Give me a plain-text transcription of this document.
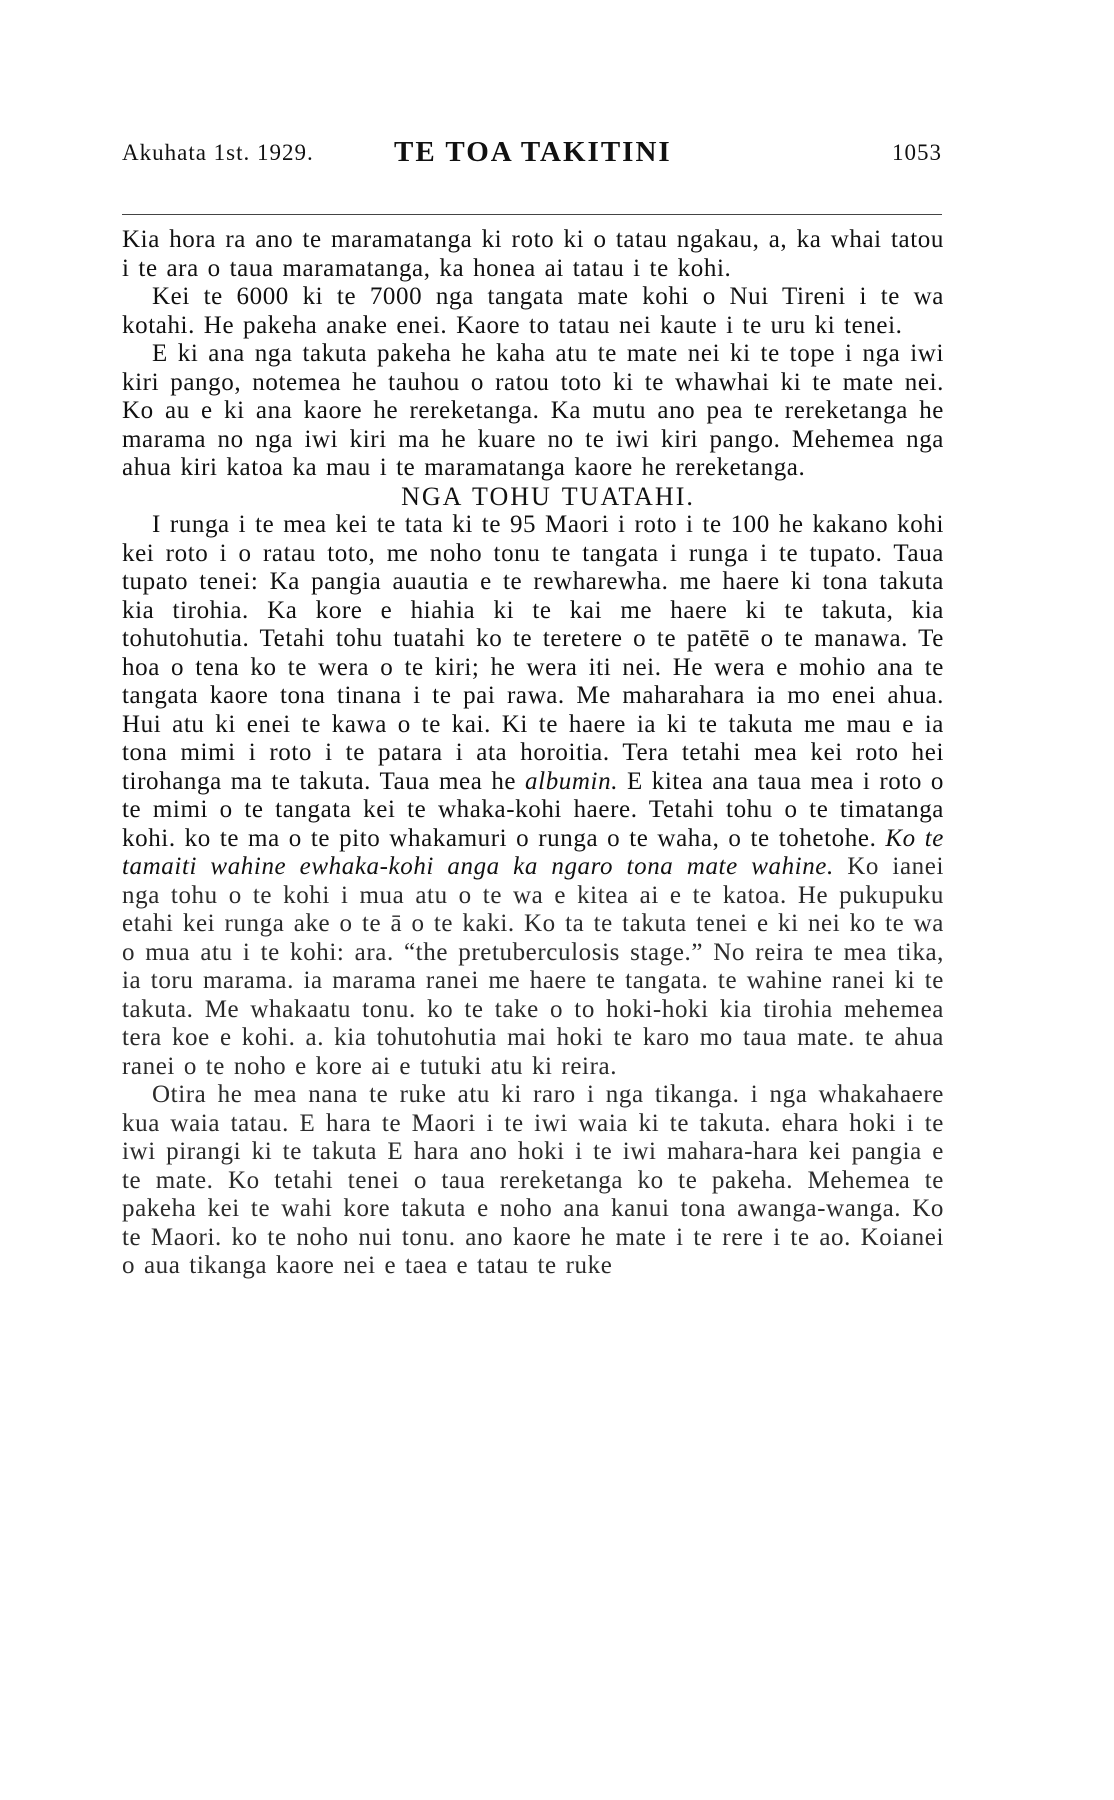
Akuhata 1st. 1929.	TE TOA TAKITINI	1053

Kia hora ra ano te maramatanga ki roto ki o tatau ngakau, a, ka whai tatou i te ara o taua maramatanga, ka honea ai tatau i te kohi.

Kei te 6000 ki te 7000 nga tangata mate kohi o Nui Tireni i te wa kotahi. He pakeha anake enei. Kaore to tatau nei kaute i te uru ki tenei.

E ki ana nga takuta pakeha he kaha atu te mate nei ki te tope i nga iwi kiri pango, notemea he tauhou o ratou toto ki te whawhai ki te mate nei. Ko au e ki ana kaore he rereketanga. Ka mutu ano pea te rereketanga he marama no nga iwi kiri ma he kuare no te iwi kiri pango. Mehemea nga ahua kiri katoa ka mau i te maramatanga kaore he rereketanga.

NGA TOHU TUATAHI.

I runga i te mea kei te tata ki te 95 Maori i roto i te 100 he kakano kohi kei roto i o ratau toto, me noho tonu te tangata i runga i te tupato. Taua tupato tenei: Ka pangia auautia e te rewharewha. me haere ki tona takuta kia tirohia. Ka kore e hiahia ki te kai me haere ki te takuta, kia tohutohutia. Tetahi tohu tuatahi ko te teretere o te patētē o te manawa. Te hoa o tena ko te wera o te kiri; he wera iti nei. He wera e mohio ana te tangata kaore tona tinana i te pai rawa. Me maharahara ia mo enei ahua. Hui atu ki enei te kawa o te kai. Ki te haere ia ki te takuta me mau e ia tona mimi i roto i te patara i ata horoitia. Tera tetahi mea kei roto hei tirohanga ma te takuta. Taua mea he albumin. E kitea ana taua mea i roto o te mimi o te tangata kei te whaka-kohi haere. Tetahi tohu o te timatanga kohi. ko te ma o te pito whakamuri o runga o te waha, o te tohetohe. Ko te tamaiti wahine ewhaka-kohi anga ka ngaro tona mate wahine. Ko ianei nga tohu o te kohi i mua atu o te wa e kitea ai e te katoa. He pukupuku etahi kei runga ake o te ā o te kaki. Ko ta te takuta tenei e ki nei ko te wa o mua atu i te kohi: ara. “the pretuberculosis stage.” No reira te mea tika, ia toru marama. ia marama ranei me haere te tangata. te wahine ranei ki te takuta. Me whakaatu tonu. ko te take o to hoki-hoki kia tirohia mehemea tera koe e kohi. a. kia tohutohutia mai hoki te karo mo taua mate. te ahua ranei o te noho e kore ai e tutuki atu ki reira.

Otira he mea nana te ruke atu ki raro i nga tikanga. i nga whakahaere kua waia tatau. E hara te Maori i te iwi waia ki te takuta. ehara hoki i te iwi pirangi ki te takuta E hara ano hoki i te iwi mahara-hara kei pangia e te mate. Ko tetahi tenei o taua rereketanga ko te pakeha. Mehemea te pakeha kei te wahi kore takuta e noho ana kanui tona awanga-wanga. Ko te Maori. ko te noho nui tonu. ano kaore he mate i te rere i te ao. Koianei o aua tikanga kaore nei e taea e tatau te ruke
